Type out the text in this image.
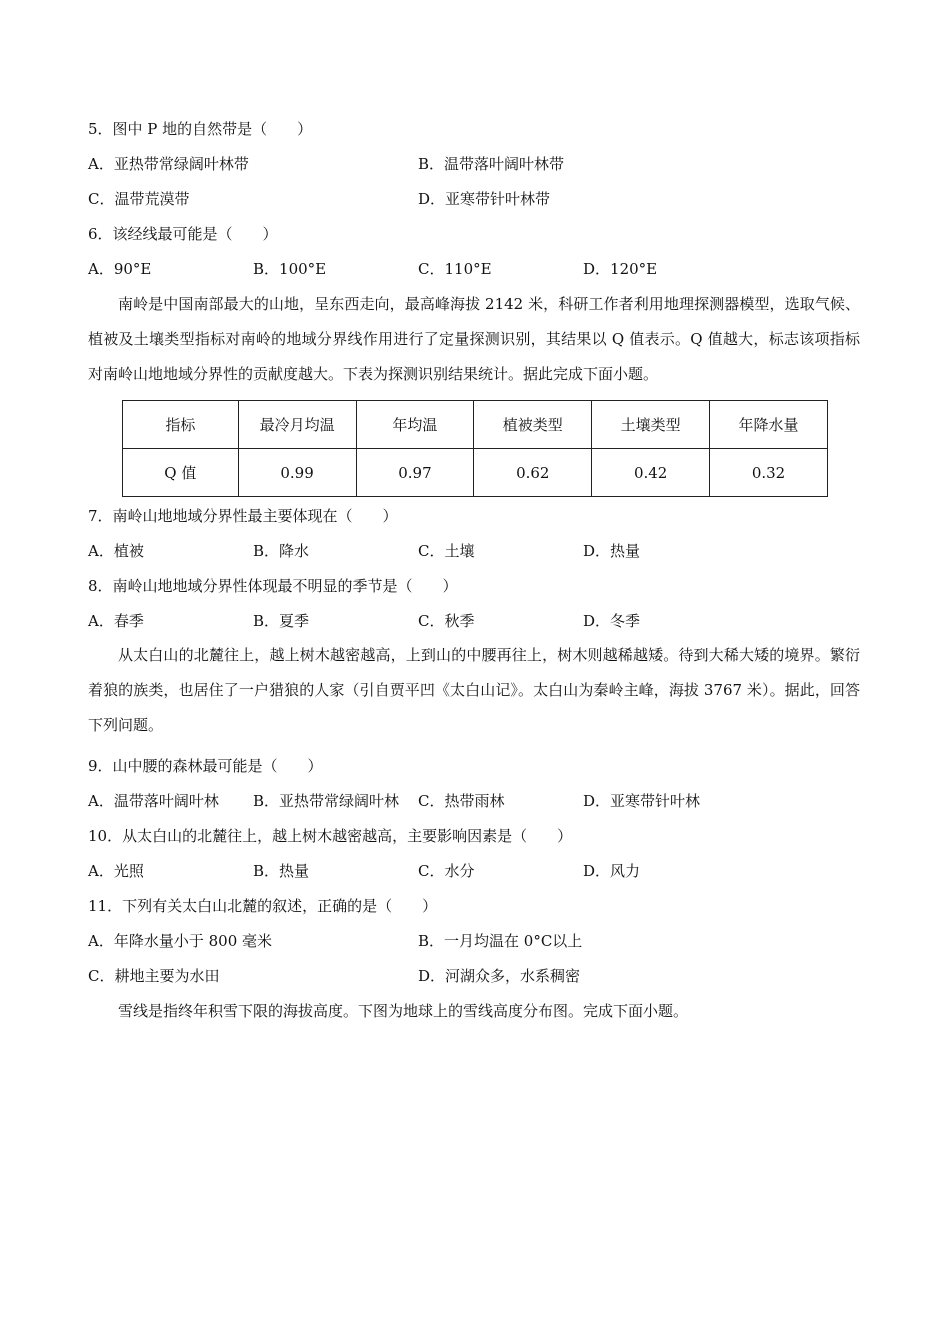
5．图中 P 地的自然带是（　　）
A．亚热带常绿阔叶林带	B．温带落叶阔叶林带
C．温带荒漠带	D．亚寒带针叶林带
6．该经线最可能是（　　）
A．90°E	B．100°E	C．110°E	D．120°E
南岭是中国南部最大的山地，呈东西走向，最高峰海拔 2142 米，科研工作者利用地理探测器模型，选取气候、植被及土壤类型指标对南岭的地域分界线作用进行了定量探测识别，其结果以 Q 值表示。Q 值越大，标志该项指标对南岭山地地域分界性的贡献度越大。下表为探测识别结果统计。据此完成下面小题。
指标	最冷月均温	年均温	植被类型	土壤类型	年降水量
Q 值	0.99	0.97	0.62	0.42	0.32
7．南岭山地地域分界性最主要体现在（　　）
A．植被	B．降水	C．土壤	D．热量
8．南岭山地地域分界性体现最不明显的季节是（　　）
A．春季	B．夏季	C．秋季	D．冬季
从太白山的北麓往上，越上树木越密越高，上到山的中腰再往上，树木则越稀越矮。待到大稀大矮的境界。繁衍着狼的族类，也居住了一户猎狼的人家（引自贾平凹《太白山记》。太白山为秦岭主峰，海拔 3767 米）。据此，回答下列问题。
9．山中腰的森林最可能是（　　）
A．温带落叶阔叶林 B．亚热带常绿阔叶林 C．热带雨林	D．亚寒带针叶林
10．从太白山的北麓往上，越上树木越密越高，主要影响因素是（　　）
A．光照	B．热量	C．水分	D．风力
11．下列有关太白山北麓的叙述，正确的是（　　）
A．年降水量小于 800 毫米	B．一月均温在 0°C以上
C．耕地主要为水田	D．河湖众多，水系稠密
雪线是指终年积雪下限的海拔高度。下图为地球上的雪线高度分布图。完成下面小题。
